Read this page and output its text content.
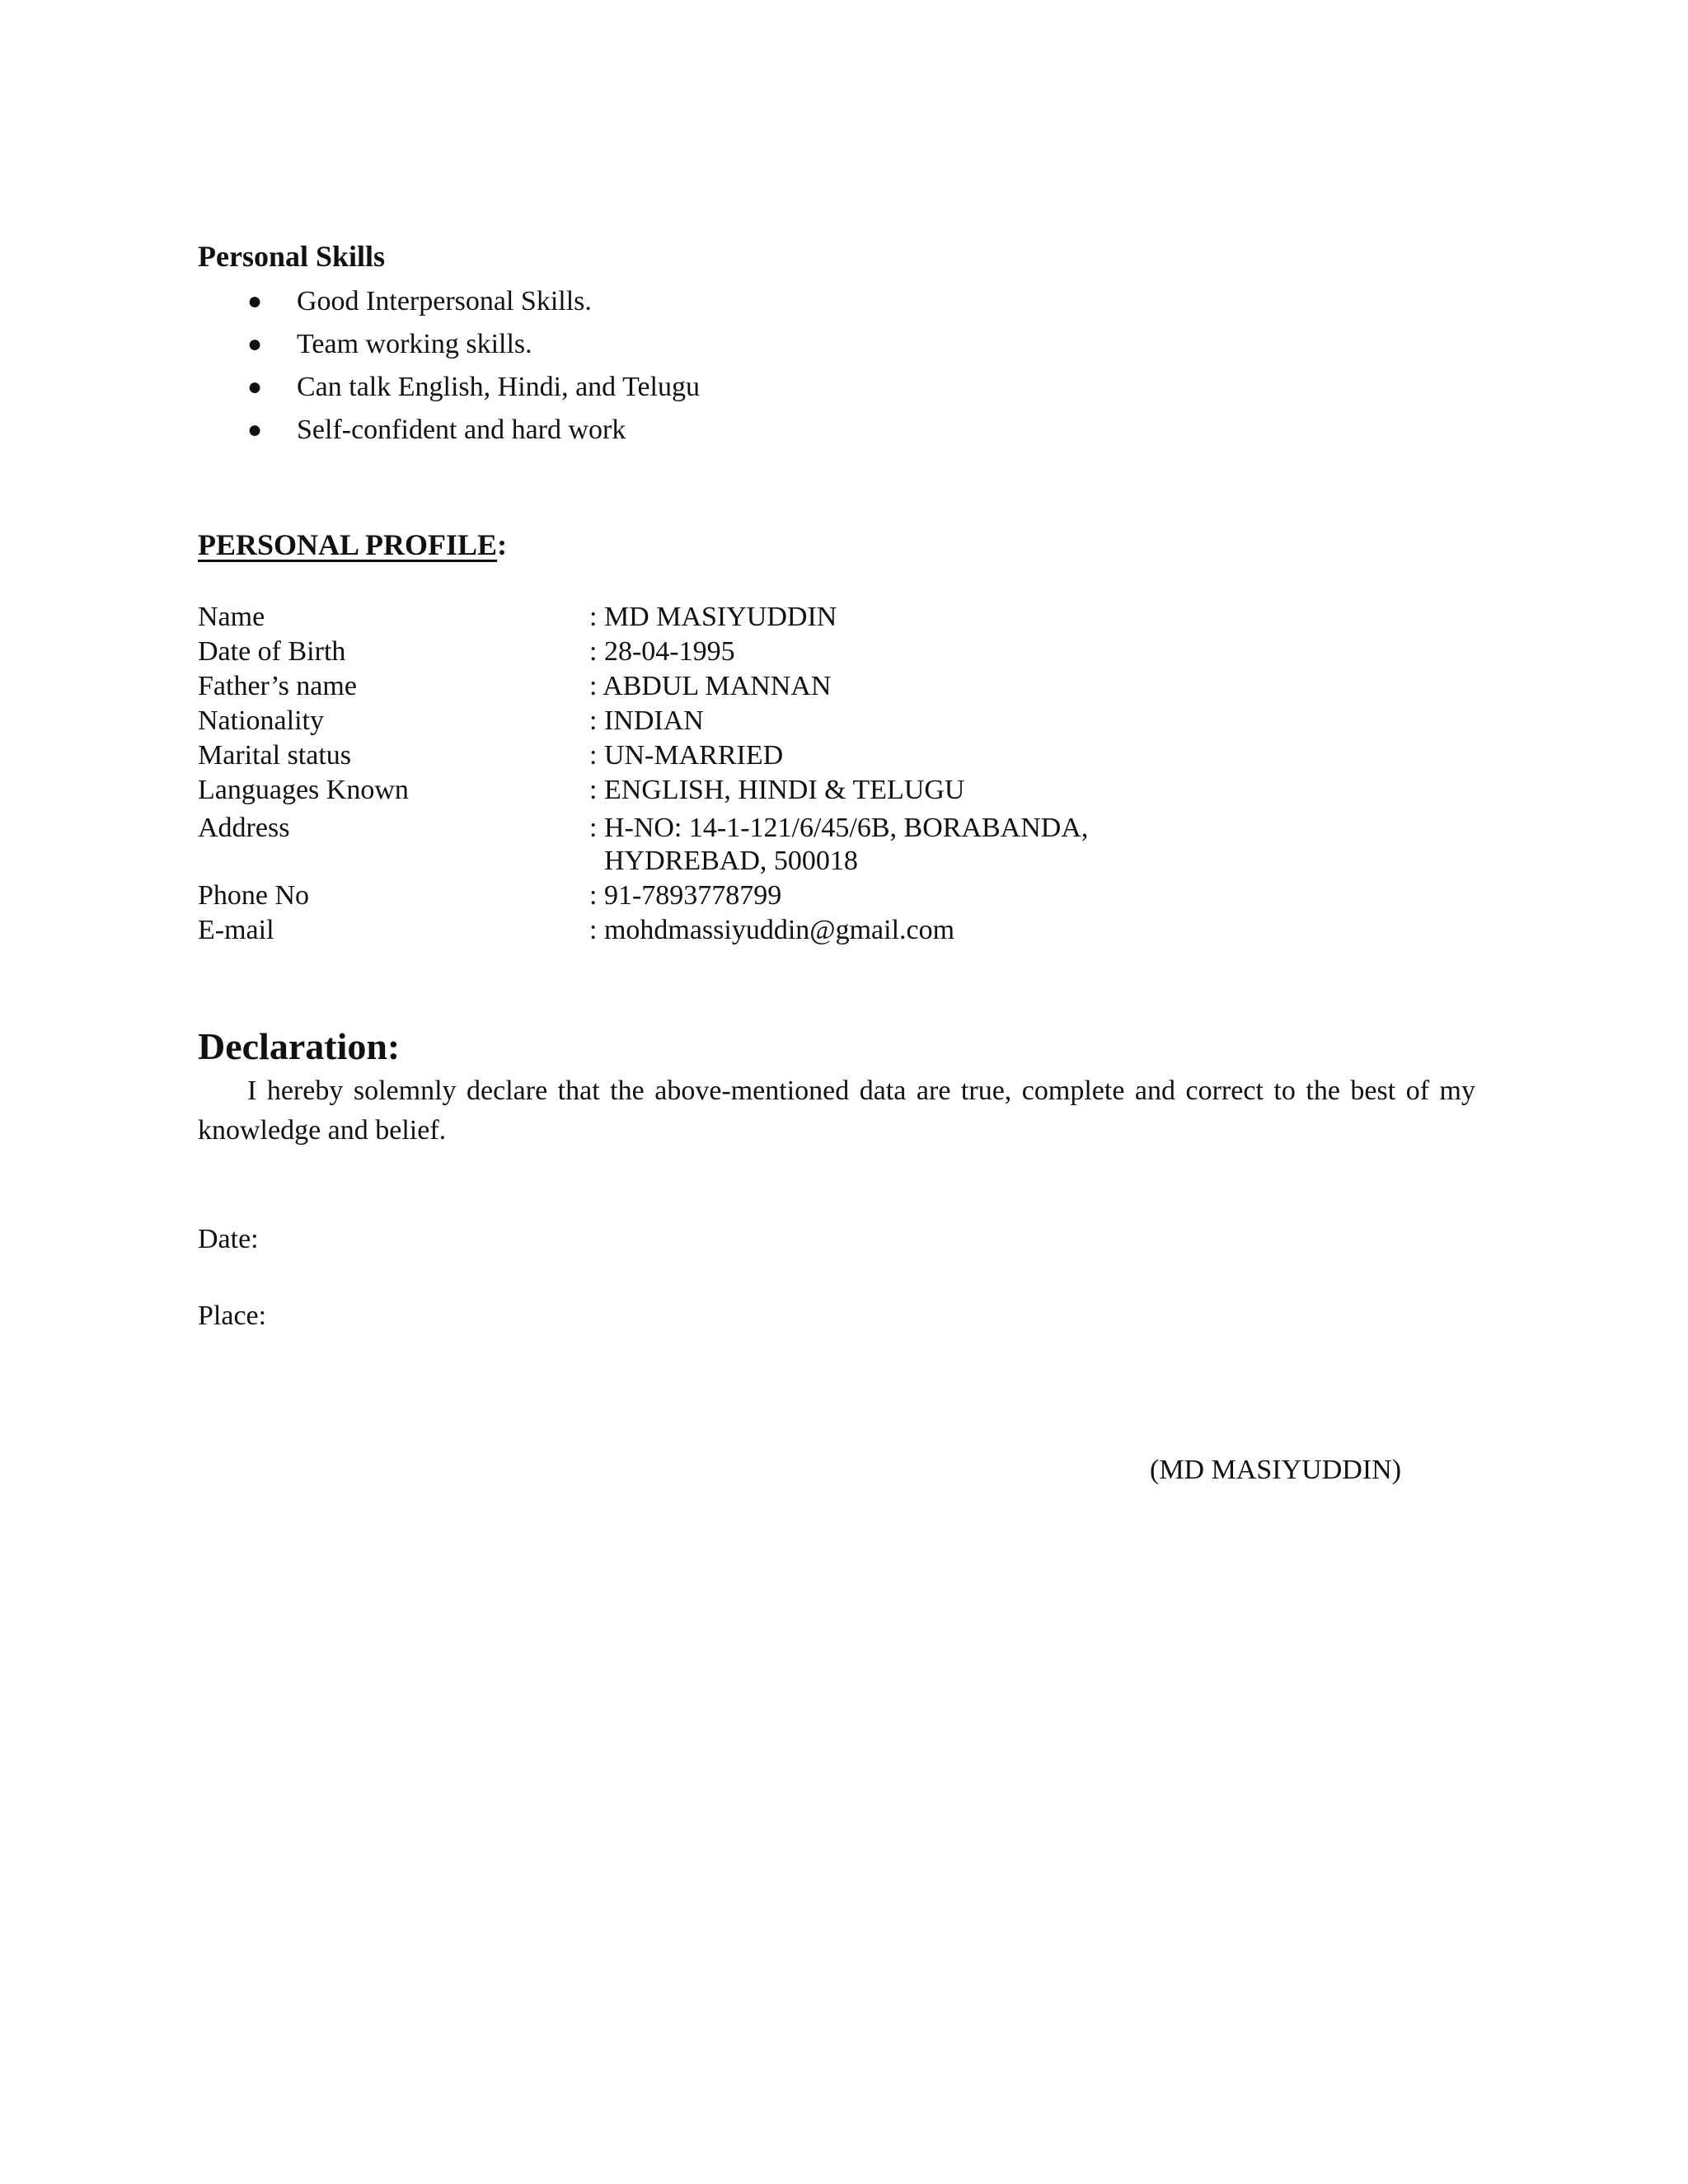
Personal Skills
● Good Interpersonal Skills.
● Team working skills.
● Can talk English, Hindi, and Telugu
● Self-confident and hard work
PERSONAL PROFILE:
Name	: MD MASIYUDDIN
Date of Birth	: 28-04-1995
Father’s name	: ABDUL MANNAN
Nationality	: INDIAN
Marital status	: UN-MARRIED
Languages Known	: ENGLISH, HINDI & TELUGU
Address	: H-NO: 14-1-121/6/45/6B, BORABANDA,
HYDREBAD, 500018
Phone No	: 91-7893778799
E-mail	: mohdmassiyuddin@gmail.com
Declaration:
I hereby solemnly declare that the above-mentioned data are true, complete and correct to the best of my knowledge and belief.
Date:
Place:
(MD MASIYUDDIN)
